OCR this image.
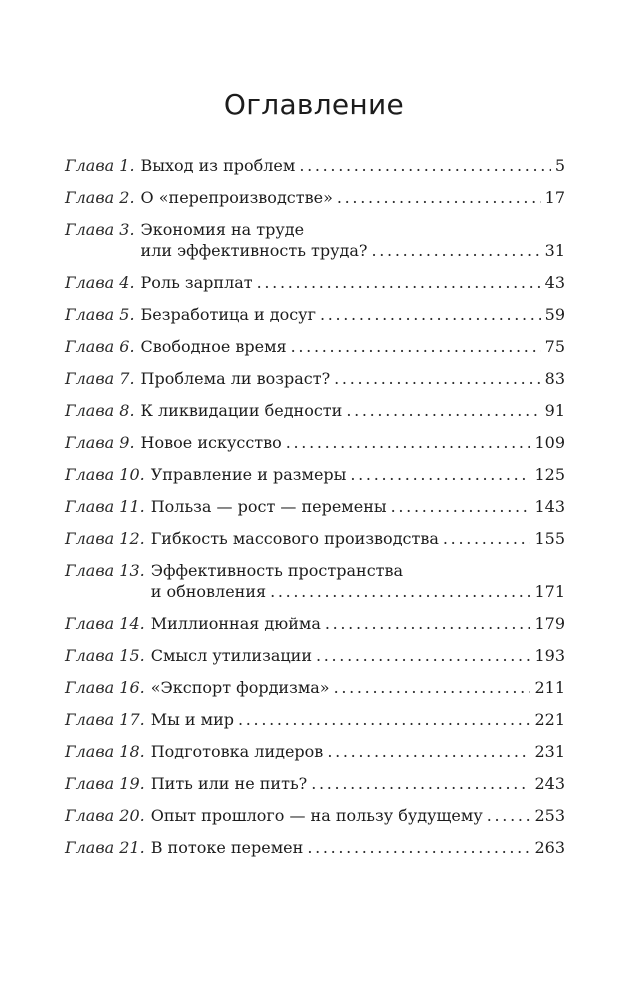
Оглавление
Глава 1. Выход из проблем . . .	5
Глава 2. О «перепроизводстве» . . .	17
Глава 3. Экономия на труде
или эффективность труда? . . .	31
Глава 4. Роль зарплат . . .	43
Глава 5. Безработица и досуг . . .	59
Глава 6. Свободное время . . .	75
Глава 7. Проблема ли возраст? . . .	83
Глава 8. К ликвидации бедности . . .	91
Глава 9. Новое искусство . . .	109
Глава 10. Управление и размеры . . .	125
Глава 11. Польза — рост — перемены . . .	143
Глава 12. Гибкость массового производства . . .	155
Глава 13. Эффективность пространства
и обновления . . .	171
Глава 14. Миллионная дюйма . . .	179
Глава 15. Смысл утилизации . . .	193
Глава 16. «Экспорт фордизма» . . .	211
Глава 17. Мы и мир . . .	221
Глава 18. Подготовка лидеров . . .	231
Глава 19. Пить или не пить? . . .	243
Глава 20. Опыт прошлого — на пользу будущему . . .	253
Глава 21. В потоке перемен . . .	263
